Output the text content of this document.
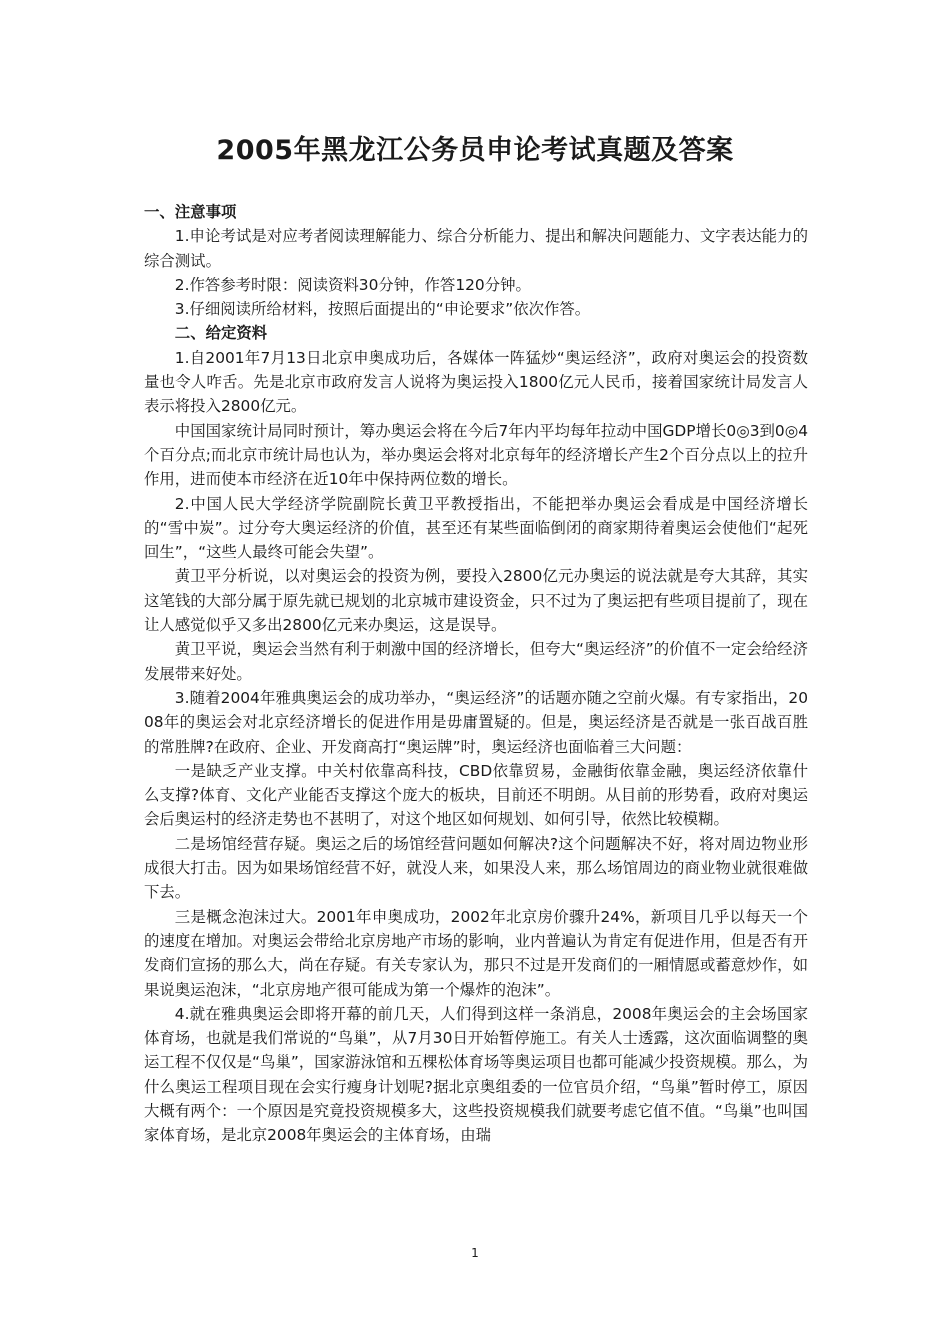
2005年黑龙江公务员申论考试真题及答案

一、注意事项

1.申论考试是对应考者阅读理解能力、综合分析能力、提出和解决问题能力、文字表达能力的综合测试。

2.作答参考时限：阅读资料30分钟，作答120分钟。

3.仔细阅读所给材料，按照后面提出的“申论要求”依次作答。

二、给定资料

1.自2001年7月13日北京申奥成功后，各媒体一阵猛炒“奥运经济”，政府对奥运会的投资数量也令人咋舌。先是北京市政府发言人说将为奥运投入1800亿元人民币，接着国家统计局发言人表示将投入2800亿元。

中国国家统计局同时预计，筹办奥运会将在今后7年内平均每年拉动中国GDP增长0◎3到0◎4个百分点;而北京市统计局也认为，举办奥运会将对北京每年的经济增长产生2个百分点以上的拉升作用，进而使本市经济在近10年中保持两位数的增长。

2.中国人民大学经济学院副院长黄卫平教授指出，不能把举办奥运会看成是中国经济增长的“雪中炭”。过分夸大奥运经济的价值，甚至还有某些面临倒闭的商家期待着奥运会使他们“起死回生”，“这些人最终可能会失望”。

黄卫平分析说，以对奥运会的投资为例，要投入2800亿元办奥运的说法就是夸大其辞，其实这笔钱的大部分属于原先就已规划的北京城市建设资金，只不过为了奥运把有些项目提前了，现在让人感觉似乎又多出2800亿元来办奥运，这是误导。

黄卫平说，奥运会当然有利于刺激中国的经济增长，但夸大“奥运经济”的价值不一定会给经济发展带来好处。

3.随着2004年雅典奥运会的成功举办，“奥运经济”的话题亦随之空前火爆。有专家指出，2008年的奥运会对北京经济增长的促进作用是毋庸置疑的。但是，奥运经济是否就是一张百战百胜的常胜牌?在政府、企业、开发商高打“奥运牌”时，奥运经济也面临着三大问题：

一是缺乏产业支撑。中关村依靠高科技，CBD依靠贸易，金融街依靠金融，奥运经济依靠什么支撑?体育、文化产业能否支撑这个庞大的板块，目前还不明朗。从目前的形势看，政府对奥运会后奥运村的经济走势也不甚明了，对这个地区如何规划、如何引导，依然比较模糊。

二是场馆经营存疑。奥运之后的场馆经营问题如何解决?这个问题解决不好，将对周边物业形成很大打击。因为如果场馆经营不好，就没人来，如果没人来，那么场馆周边的商业物业就很难做下去。

三是概念泡沫过大。2001年申奥成功，2002年北京房价骤升24%，新项目几乎以每天一个的速度在增加。对奥运会带给北京房地产市场的影响，业内普遍认为肯定有促进作用，但是否有开发商们宣扬的那么大，尚在存疑。有关专家认为，那只不过是开发商们的一厢情愿或蓄意炒作，如果说奥运泡沫，“北京房地产很可能成为第一个爆炸的泡沫”。

4.就在雅典奥运会即将开幕的前几天，人们得到这样一条消息，2008年奥运会的主会场国家体育场，也就是我们常说的“鸟巢”，从7月30日开始暂停施工。有关人士透露，这次面临调整的奥运工程不仅仅是“鸟巢”，国家游泳馆和五棵松体育场等奥运项目也都可能减少投资规模。那么，为什么奥运工程项目现在会实行瘦身计划呢?据北京奥组委的一位官员介绍，“鸟巢”暂时停工，原因大概有两个：一个原因是究竟投资规模多大，这些投资规模我们就要考虑它值不值。“鸟巢”也叫国家体育场，是北京2008年奥运会的主体育场，由瑞

1
